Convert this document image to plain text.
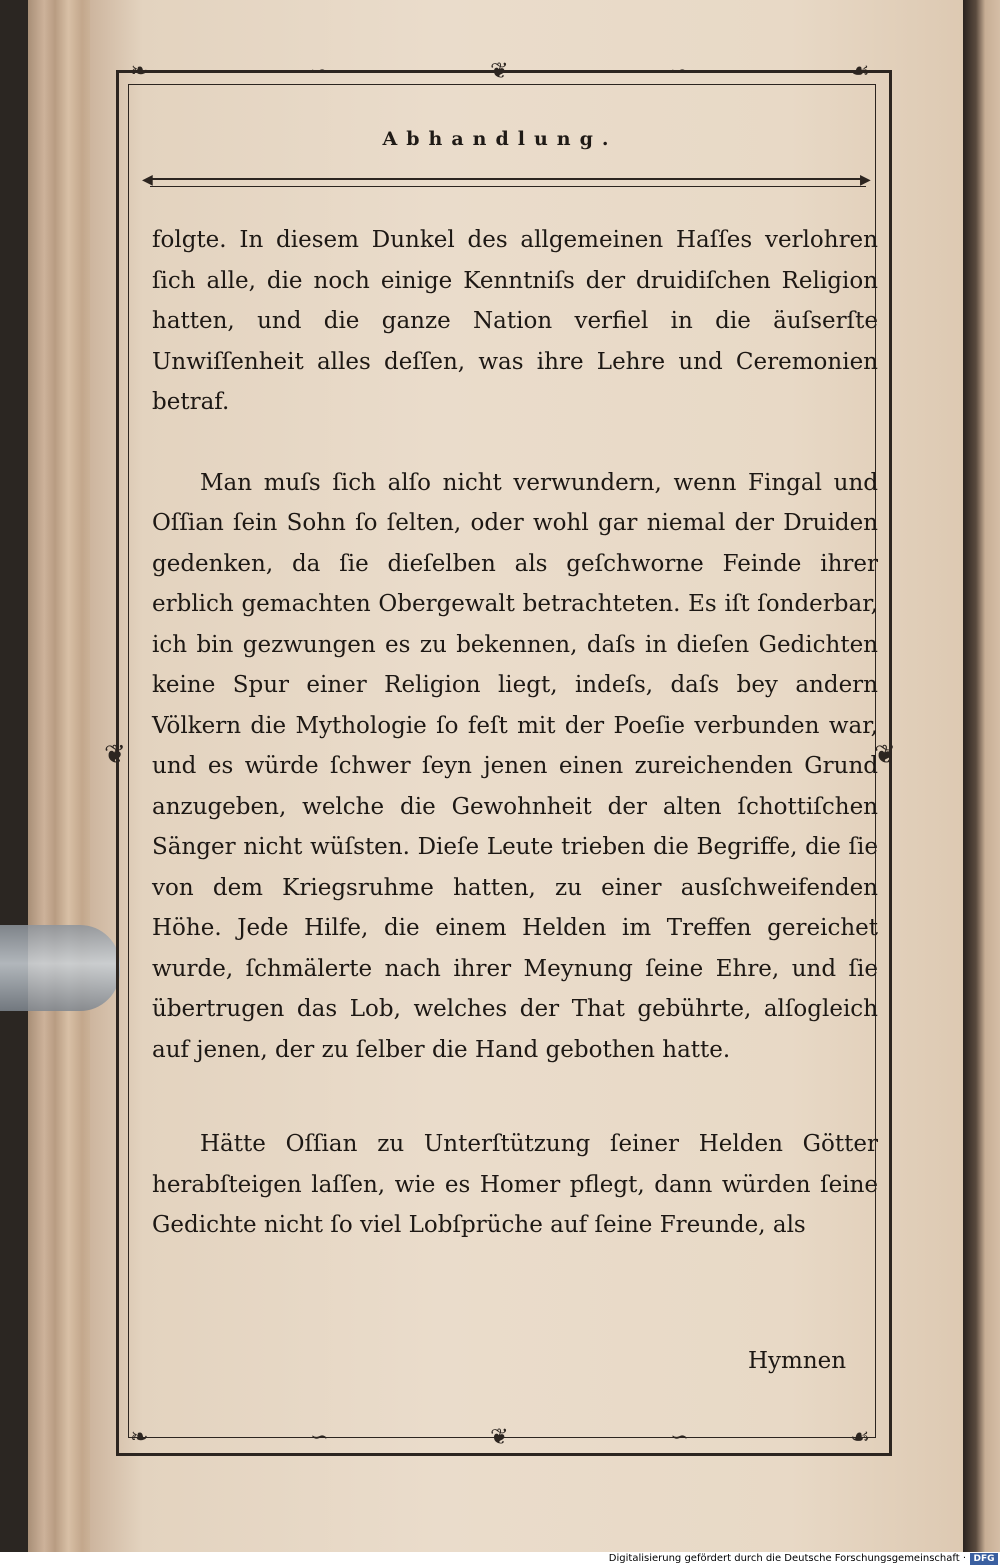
❧	∽	❦	∽	☙
❧	∽	❦	∽	☙
❦	❦
Abhandlung.
◀	▶

folgte. In diesem Dunkel des allgemeinen Haſſes verlohren ſich alle, die noch einige Kenntniſs der druidiſchen Religion hatten, und die ganze Nation verfiel in die äuſserſte Unwiſſenheit alles deſſen, was ihre Lehre und Ceremonien betraf.

Man muſs ſich alſo nicht verwundern, wenn Fingal und Oſſian ſein Sohn ſo ſelten, oder wohl gar niemal der Druiden gedenken, da ſie dieſelben als geſchworne Feinde ihrer erblich gemachten Obergewalt betrachteten. Es iſt ſonderbar, ich bin gezwungen es zu bekennen, daſs in dieſen Gedichten keine Spur einer Religion liegt, indeſs, daſs bey andern Völkern die Mythologie ſo feſt mit der Poeſie verbunden war, und es würde ſchwer ſeyn jenen einen zureichenden Grund anzugeben, welche die Gewohnheit der alten ſchottiſchen Sänger nicht wüſsten. Dieſe Leute trieben die Begriffe, die ſie von dem Kriegsruhme hatten, zu einer ausſchweifenden Höhe. Jede Hilfe, die einem Helden im Treffen gereichet wurde, ſchmälerte nach ihrer Meynung ſeine Ehre, und ſie übertrugen das Lob, welches der That gebührte, alſogleich auf jenen, der zu ſelber die Hand gebothen hatte.

Hätte Oſſian zu Unterſtützung ſeiner Helden Götter herabſteigen laſſen, wie es Homer pflegt, dann würden ſeine Gedichte nicht ſo viel Lobſprüche auf ſeine Freunde, als

Hymnen
Digitalisierung gefördert durch die Deutsche Forschungsgemeinschaft · DFG
